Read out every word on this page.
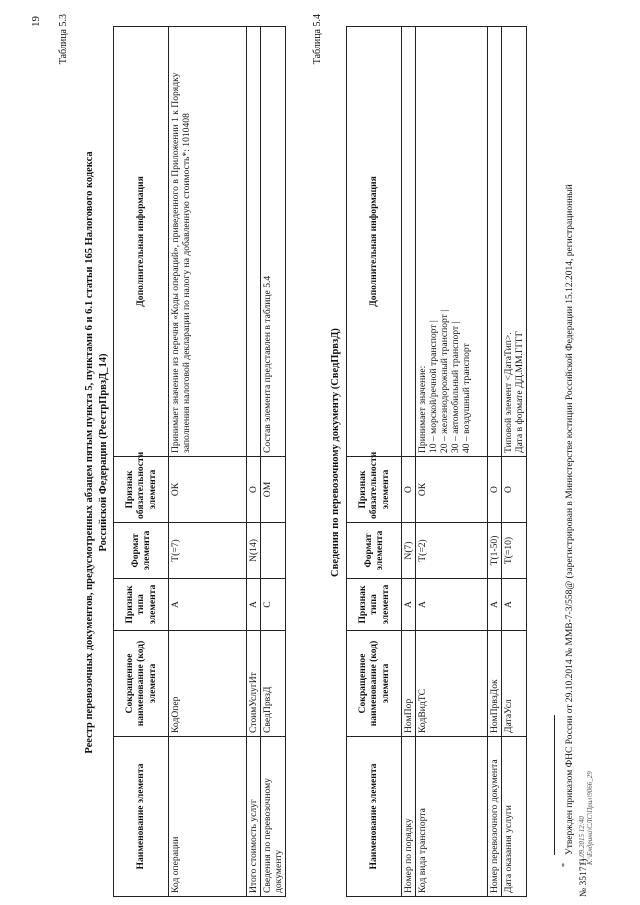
19 Таблица 5.3
Реестр перевозочных документов, предусмотренных абзацем пятым пункта 5, пунктами 6 и 6.1 статьи 165 Налогового кодекса Российской Федерации (РеестрПрвзД_14)
Наименование элемента	Сокращенное наименование (код) элемента	Признак типа элемента	Формат элемента	Признак обязательности элемента	Дополнительная информация
Код операции	КодОпер	А	Т(=7)	ОК	Принимает значение из перечня «Коды операций», приведенного в Приложении 1 к Порядку заполнения налоговой декларации по налогу на добавленную стоимость*: 1010408
Итого стоимость услуг	СтоимУслугИт	А	N(14)	О	
Сведения по перевозочному документу	СведПрвзД	С		ОМ	Состав элемента представлен в таблице 5.4
Таблица 5.4
Сведения по перевозочному документу (СведПрвзД)
Наименование элемента	Сокращенное наименование (код) элемента	Признак типа элемента	Формат элемента	Признак обязательности элемента	Дополнительная информация
Номер по порядку	НомПор	А	N(7)	О	
Код вида транспорта	КодВидТС	А	Т(=2)	ОК	Принимает значение:
10 – морской/речной транспорт |
20 – железнодорожный транспорт |
30 – автомобильный транспорт |
40 – воздушный транспорт
Номер перевозочного документа	НомПрвзДок	А	Т(1-50)	О	
Дата оказания услуги	ДатаУсл	А	Т(=10)	О	Типовой элемент <ДатаТип>.
Дата в формате ДД.ММ.ГГГГ
*
Утвержден приказом ФНС России от 29.10.2014 № ММВ-7-3/558@ (зарегистрирован в Министерстве юстиции Российской Федерации 15.12.2014, регистрационный
№ 35171)
11.09.2015 12:40 К:\Ендрина\СЛС\Прил\9066_29
